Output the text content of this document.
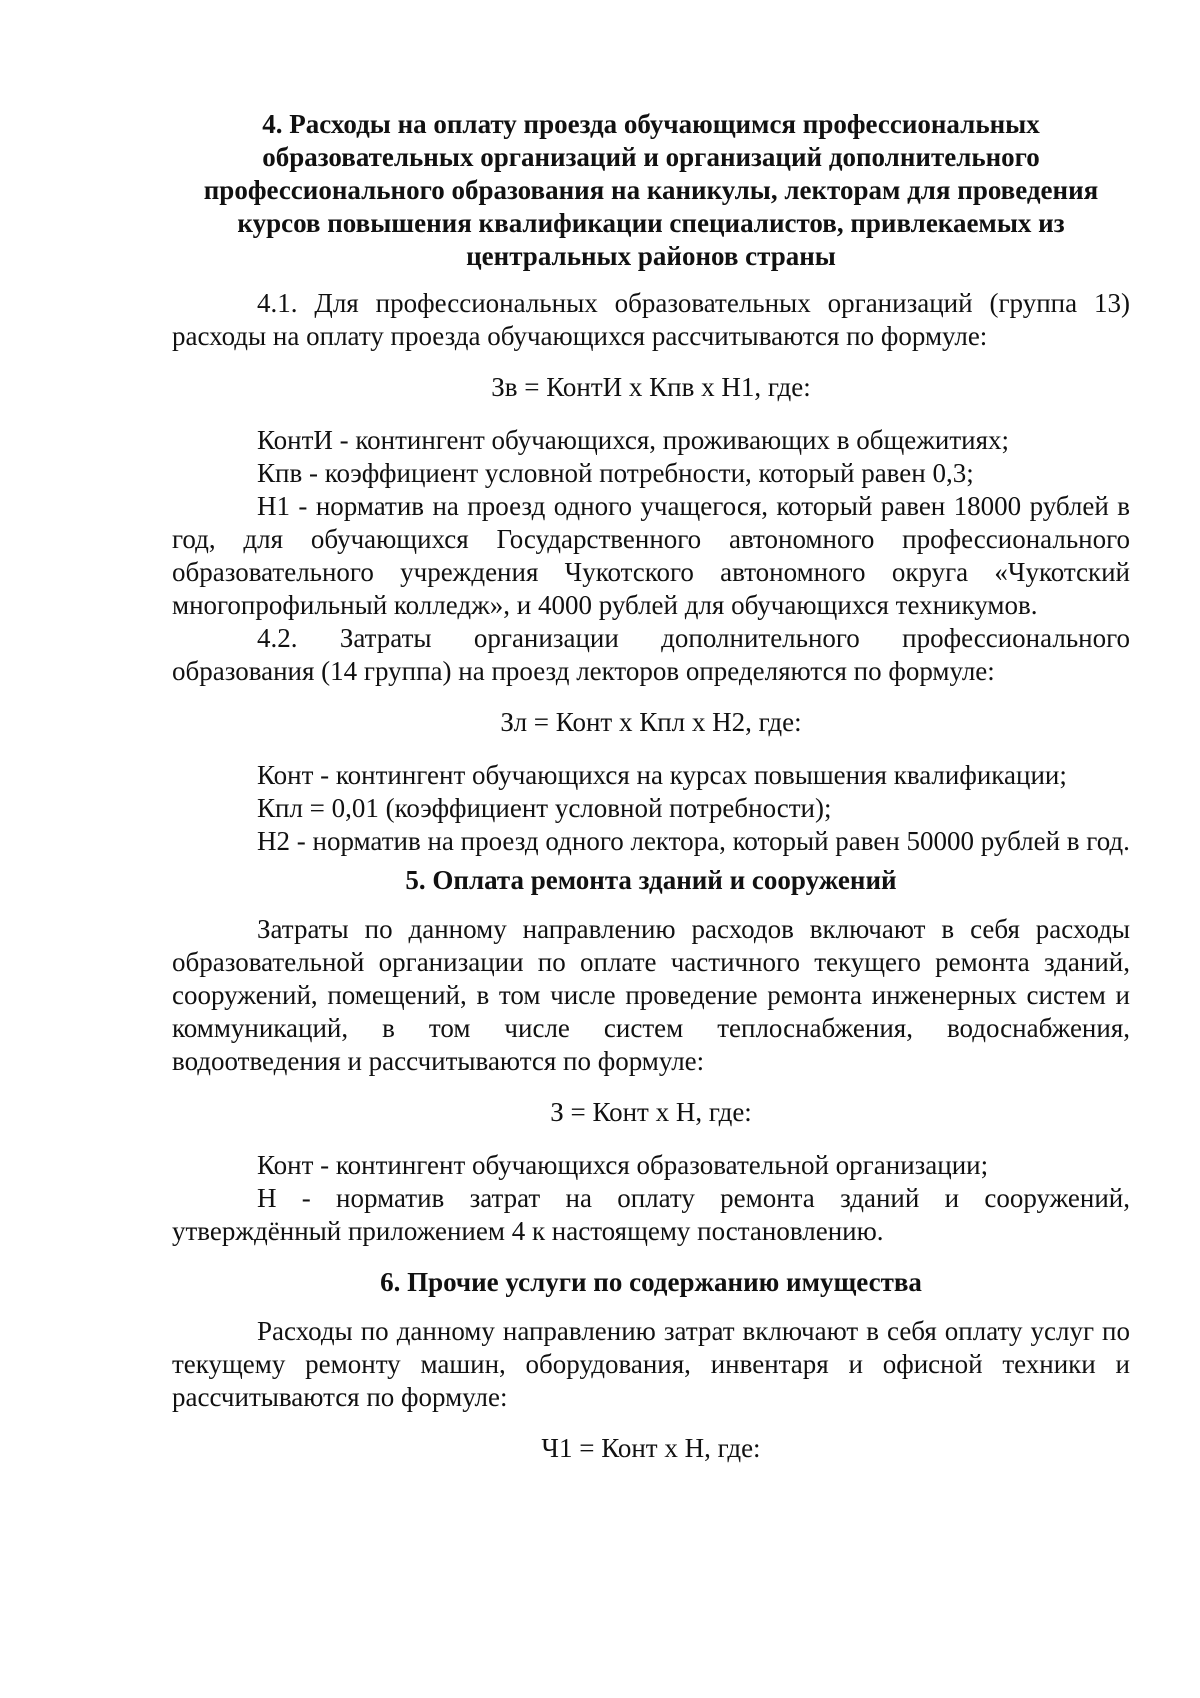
4. Расходы на оплату проезда обучающимся профессиональных образовательных организаций и организаций дополнительного профессионального образования на каникулы, лекторам для проведения курсов повышения квалификации специалистов, привлекаемых из центральных районов страны

4.1. Для профессиональных образовательных организаций (группа 13) расходы на оплату проезда обучающихся рассчитываются по формуле:

Зв = КонтИ х Кпв х Н1, где:

КонтИ - контингент обучающихся, проживающих в общежитиях;

Кпв - коэффициент условной потребности, который равен 0,3;

Н1 - норматив на проезд одного учащегося, который равен 18000 рублей в год, для обучающихся Государственного автономного профессионального образовательного учреждения Чукотского автономного округа «Чукотский многопрофильный колледж», и 4000 рублей для обучающихся техникумов.

4.2. Затраты организации дополнительного профессионального образования (14 группа) на проезд лекторов определяются по формуле:

Зл = Конт х Кпл х Н2, где:

Конт - контингент обучающихся на курсах повышения квалификации;

Кпл = 0,01 (коэффициент условной потребности);

Н2 - норматив на проезд одного лектора, который равен 50000 рублей в год.

5. Оплата ремонта зданий и сооружений

Затраты по данному направлению расходов включают в себя расходы образовательной организации по оплате частичного текущего ремонта зданий, сооружений, помещений, в том числе проведение ремонта инженерных систем и коммуникаций, в том числе систем теплоснабжения, водоснабжения, водоотведения и рассчитываются по формуле:

З = Конт х Н, где:

Конт - контингент обучающихся образовательной организации;

Н - норматив затрат на оплату ремонта зданий и сооружений, утверждённый приложением 4 к настоящему постановлению.

6. Прочие услуги по содержанию имущества

Расходы по данному направлению затрат включают в себя оплату услуг по текущему ремонту машин, оборудования, инвентаря и офисной техники и рассчитываются по формуле:

Ч1 = Конт х Н, где:
